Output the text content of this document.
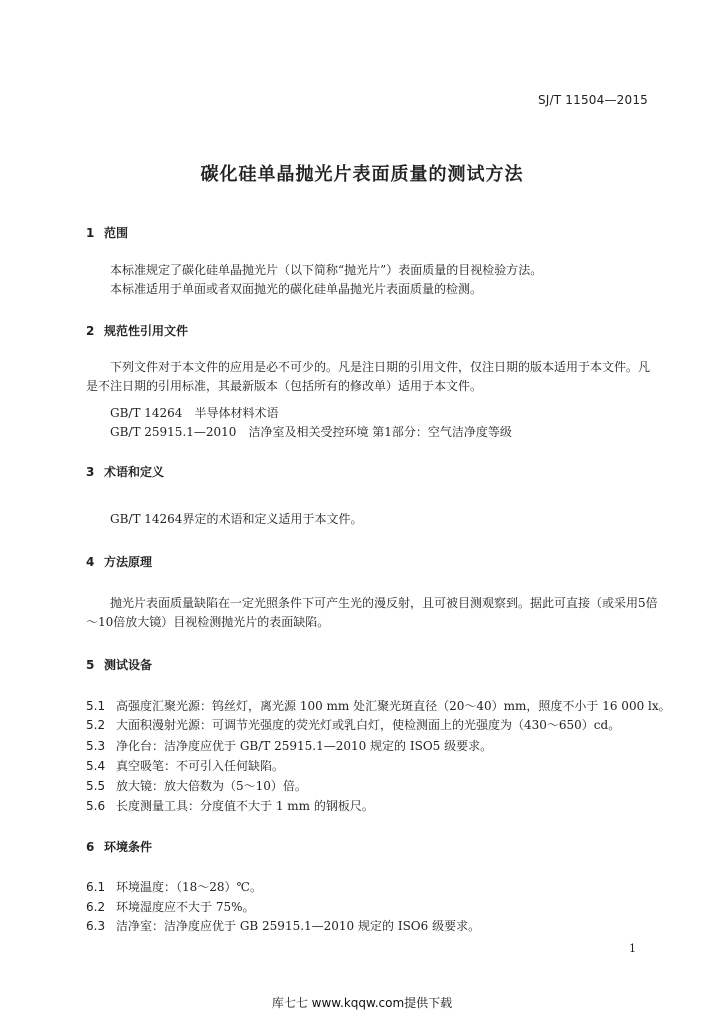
SJ/T 11504—2015
碳化硅单晶抛光片表面质量的测试方法
1 范围

本标准规定了碳化硅单晶抛光片（以下简称“抛光片”）表面质量的目视检验方法。

本标准适用于单面或者双面抛光的碳化硅单晶抛光片表面质量的检测。

2 规范性引用文件

下列文件对于本文件的应用是必不可少的。凡是注日期的引用文件，仅注日期的版本适用于本文件。凡是不注日期的引用标准，其最新版本（包括所有的修改单）适用于本文件。

GB/T 14264 半导体材料术语
GB/T 25915.1—2010 洁净室及相关受控环境 第1部分：空气洁净度等级
3 术语和定义

GB/T 14264界定的术语和定义适用于本文件。

4 方法原理

抛光片表面质量缺陷在一定光照条件下可产生光的漫反射，且可被目测观察到。据此可直接（或采用5倍～10倍放大镜）目视检测抛光片的表面缺陷。

5 测试设备
5.1 高强度汇聚光源：钨丝灯，离光源 100 mm 处汇聚光斑直径（20～40）mm，照度不小于 16 000 lx。
5.2 大面积漫射光源：可调节光强度的荧光灯或乳白灯，使检测面上的光强度为（430～650）cd。
5.3 净化台：洁净度应优于 GB/T 25915.1—2010 规定的 ISO5 级要求。
5.4 真空吸笔：不可引入任何缺陷。
5.5 放大镜：放大倍数为（5～10）倍。
5.6 长度测量工具：分度值不大于 1 mm 的钢板尺。
6 环境条件
6.1 环境温度：（18～28）℃。
6.2 环境湿度应不大于 75%。
6.3 洁净室：洁净度应优于 GB 25915.1—2010 规定的 ISO6 级要求。
1
库七七 www.kqqw.com提供下载
